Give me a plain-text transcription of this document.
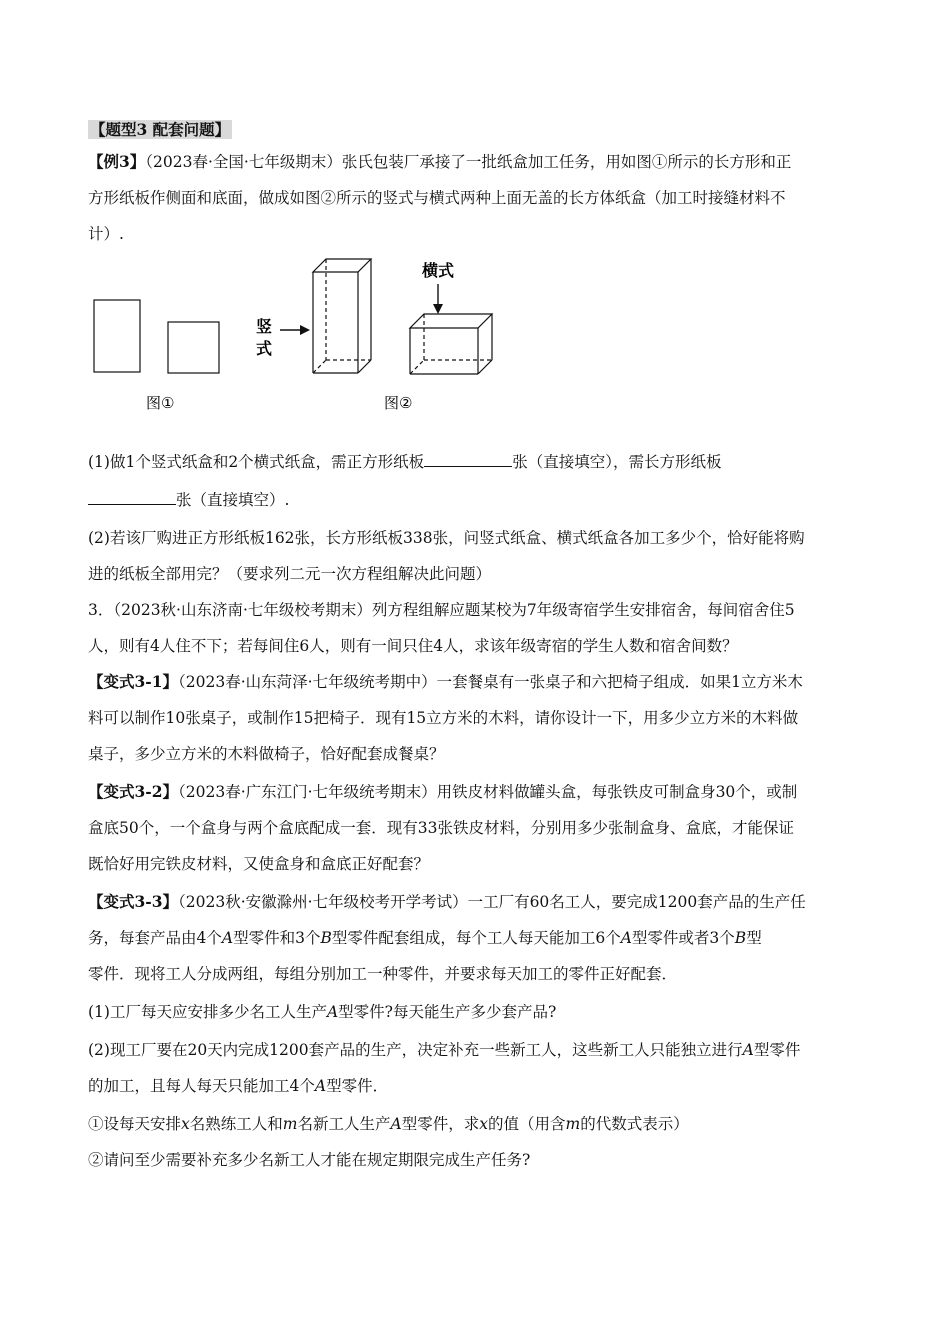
【题型3 配套问题】
【例3】（2023春·全国·七年级期末）张氏包装厂承接了一批纸盒加工任务，用如图①所示的长方形和正
方形纸板作侧面和底面，做成如图②所示的竖式与横式两种上面无盖的长方体纸盒（加工时接缝材料不
计）.
竖
式
横式
图①	图②
(1)做1个竖式纸盒和2个横式纸盒，需正方形纸板	张（直接填空），需长方形纸板
张（直接填空）.
(2)若该厂购进正方形纸板162张，长方形纸板338张，问竖式纸盒、横式纸盒各加工多少个，恰好能将购
进的纸板全部用完？（要求列二元一次方程组解决此问题）
3．（2023秋·山东济南·七年级校考期末）列方程组解应题某校为7年级寄宿学生安排宿舍，每间宿舍住5
人，则有4人住不下；若每间住6人，则有一间只住4人，求该年级寄宿的学生人数和宿舍间数？
【变式3-1】（2023春·山东菏泽·七年级统考期中）一套餐桌有一张桌子和六把椅子组成．如果1立方米木
料可以制作10张桌子，或制作15把椅子．现有15立方米的木料，请你设计一下，用多少立方米的木料做
桌子，多少立方米的木料做椅子，恰好配套成餐桌？
【变式3-2】（2023春·广东江门·七年级统考期末）用铁皮材料做罐头盒，每张铁皮可制盒身30个，或制
盒底50个，一个盒身与两个盒底配成一套．现有33张铁皮材料，分别用多少张制盒身、盒底，才能保证
既恰好用完铁皮材料，又使盒身和盒底正好配套？
【变式3-3】（2023秋·安徽滁州·七年级校考开学考试）一工厂有60名工人，要完成1200套产品的生产任
务，每套产品由4个A型零件和3个B型零件配套组成，每个工人每天能加工6个A型零件或者3个B型
零件．现将工人分成两组，每组分别加工一种零件，并要求每天加工的零件正好配套．
(1)工厂每天应安排多少名工人生产A型零件?每天能生产多少套产品?
(2)现工厂要在20天内完成1200套产品的生产，决定补充一些新工人，这些新工人只能独立进行A型零件
的加工，且每人每天只能加工4个A型零件．
①设每天安排x名熟练工人和m名新工人生产A型零件，求x的值（用含m的代数式表示）
②请问至少需要补充多少名新工人才能在规定期限完成生产任务?
